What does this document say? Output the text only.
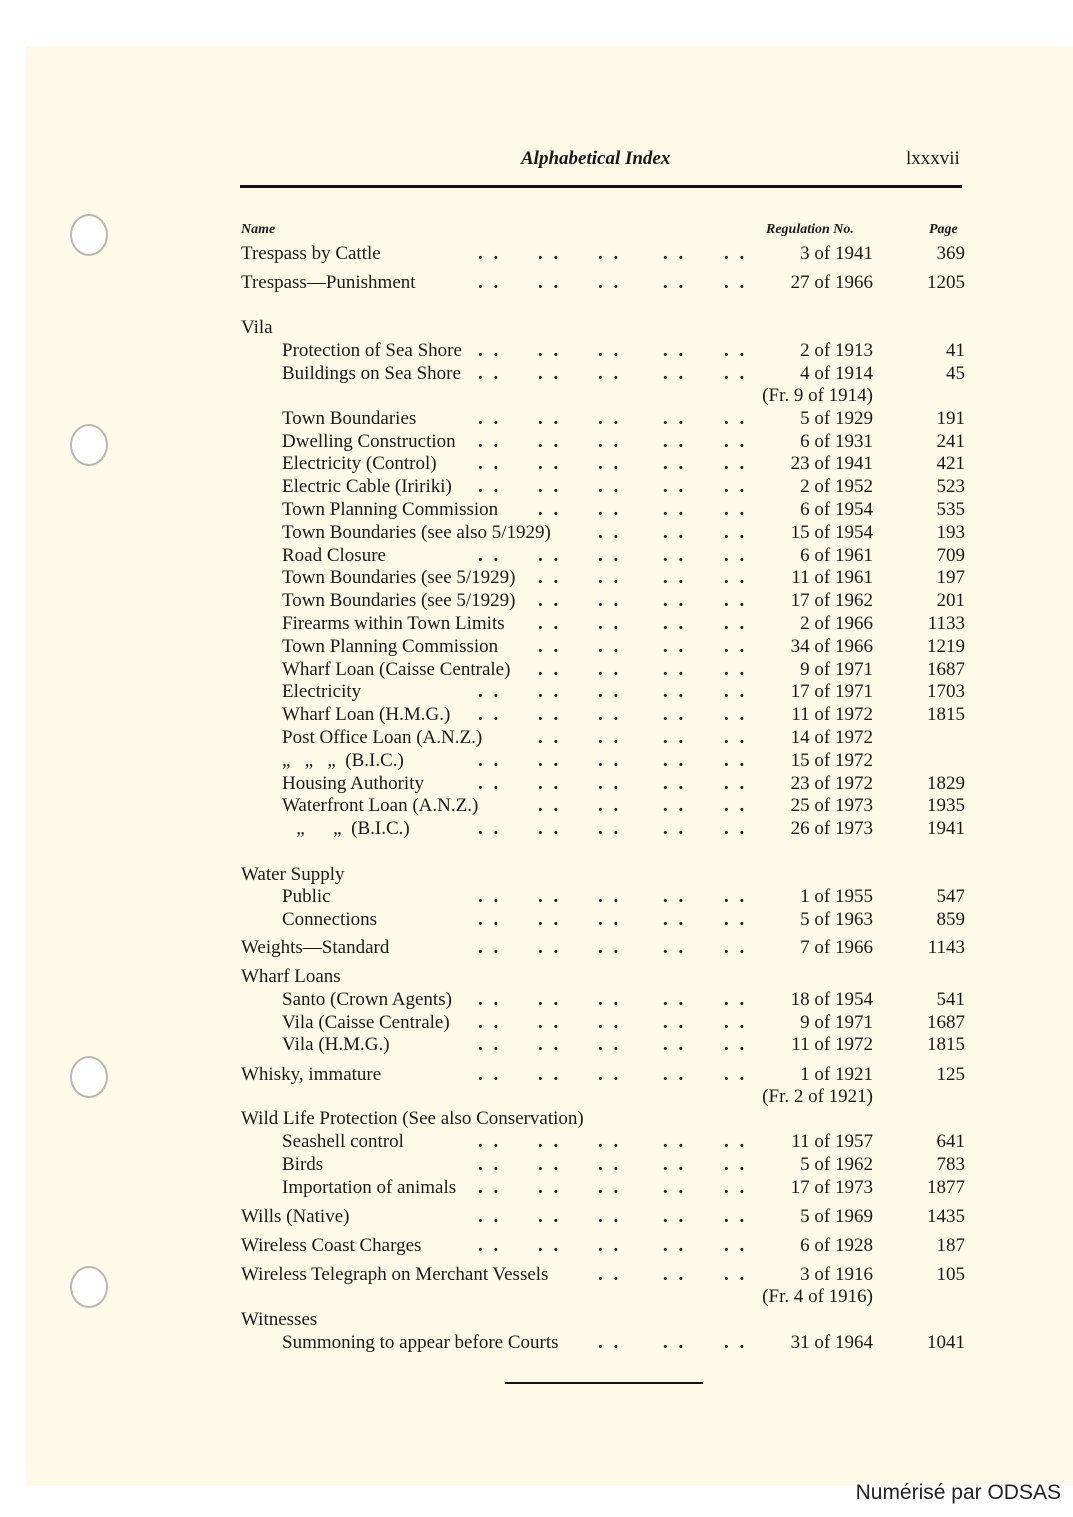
Alphabetical Index	lxxxvii
Name	Regulation No.	Page
Trespass by Cattle	3 of 1941	369
. . . . . . . . . .
Trespass—Punishment	27 of 1966	1205
. . . . . . . . . .
Vila
Protection of Sea Shore	2 of 1913	41
. . . . . . . . . .
Buildings on Sea Shore	4 of 1914	45
(Fr. 9 of 1914)
. . . . . . . . . .
Town Boundaries	5 of 1929	191
. . . . . . . . . .
Dwelling Construction	6 of 1931	241
. . . . . . . . . .
Electricity (Control)	23 of 1941	421
. . . . . . . . . .
Electric Cable (Iririki)	2 of 1952	523
. . . . . . . . . .
Town Planning Commission	6 of 1954	535
. . . . . . . .
Town Boundaries (see also 5/1929)	15 of 1954	193
. . . . . .
Road Closure	6 of 1961	709
. . . . . . . . . .
Town Boundaries (see 5/1929)	11 of 1961	197
. . . . . . . .
Town Boundaries (see 5/1929)	17 of 1962	201
. . . . . . . .
Firearms within Town Limits	2 of 1966	1133
. . . . . . . .
Town Planning Commission	34 of 1966	1219
. . . . . . . .
Wharf Loan (Caisse Centrale)	9 of 1971	1687
. . . . . . . .
Electricity	17 of 1971	1703
. . . . . . . . . .
Wharf Loan (H.M.G.)	11 of 1972	1815
. . . . . . . . . .
Post Office Loan (A.N.Z.)	14 of 1972
. . . . . . . .
„   „   „  (B.I.C.)	15 of 1972
. . . . . . . . . .
Housing Authority	23 of 1972	1829
. . . . . . . . . .
Waterfront Loan (A.N.Z.)	25 of 1973	1935
. . . . . . . .
„      „  (B.I.C.)	26 of 1973	1941
. . . . . . . . . .
Water Supply
Public	1 of 1955	547
. . . . . . . . . .
Connections	5 of 1963	859
. . . . . . . . . .
Weights—Standard	7 of 1966	1143
. . . . . . . . . .
Wharf Loans
Santo (Crown Agents)	18 of 1954	541
. . . . . . . . . .
Vila (Caisse Centrale)	9 of 1971	1687
. . . . . . . . . .
Vila (H.M.G.)	11 of 1972	1815
. . . . . . . . . .
Whisky, immature	1 of 1921	125
(Fr. 2 of 1921)
. . . . . . . . . .
Wild Life Protection (See also Conservation)
Seashell control	11 of 1957	641
. . . . . . . . . .
Birds	5 of 1962	783
. . . . . . . . . .
Importation of animals	17 of 1973	1877
. . . . . . . . . .
Wills (Native)	5 of 1969	1435
. . . . . . . . . .
Wireless Coast Charges	6 of 1928	187
. . . . . . . . . .
Wireless Telegraph on Merchant Vessels	3 of 1916	105
(Fr. 4 of 1916)
. . . . . .
Witnesses
Summoning to appear before Courts	31 of 1964	1041
. . . . . .
Numérisé par ODSAS
